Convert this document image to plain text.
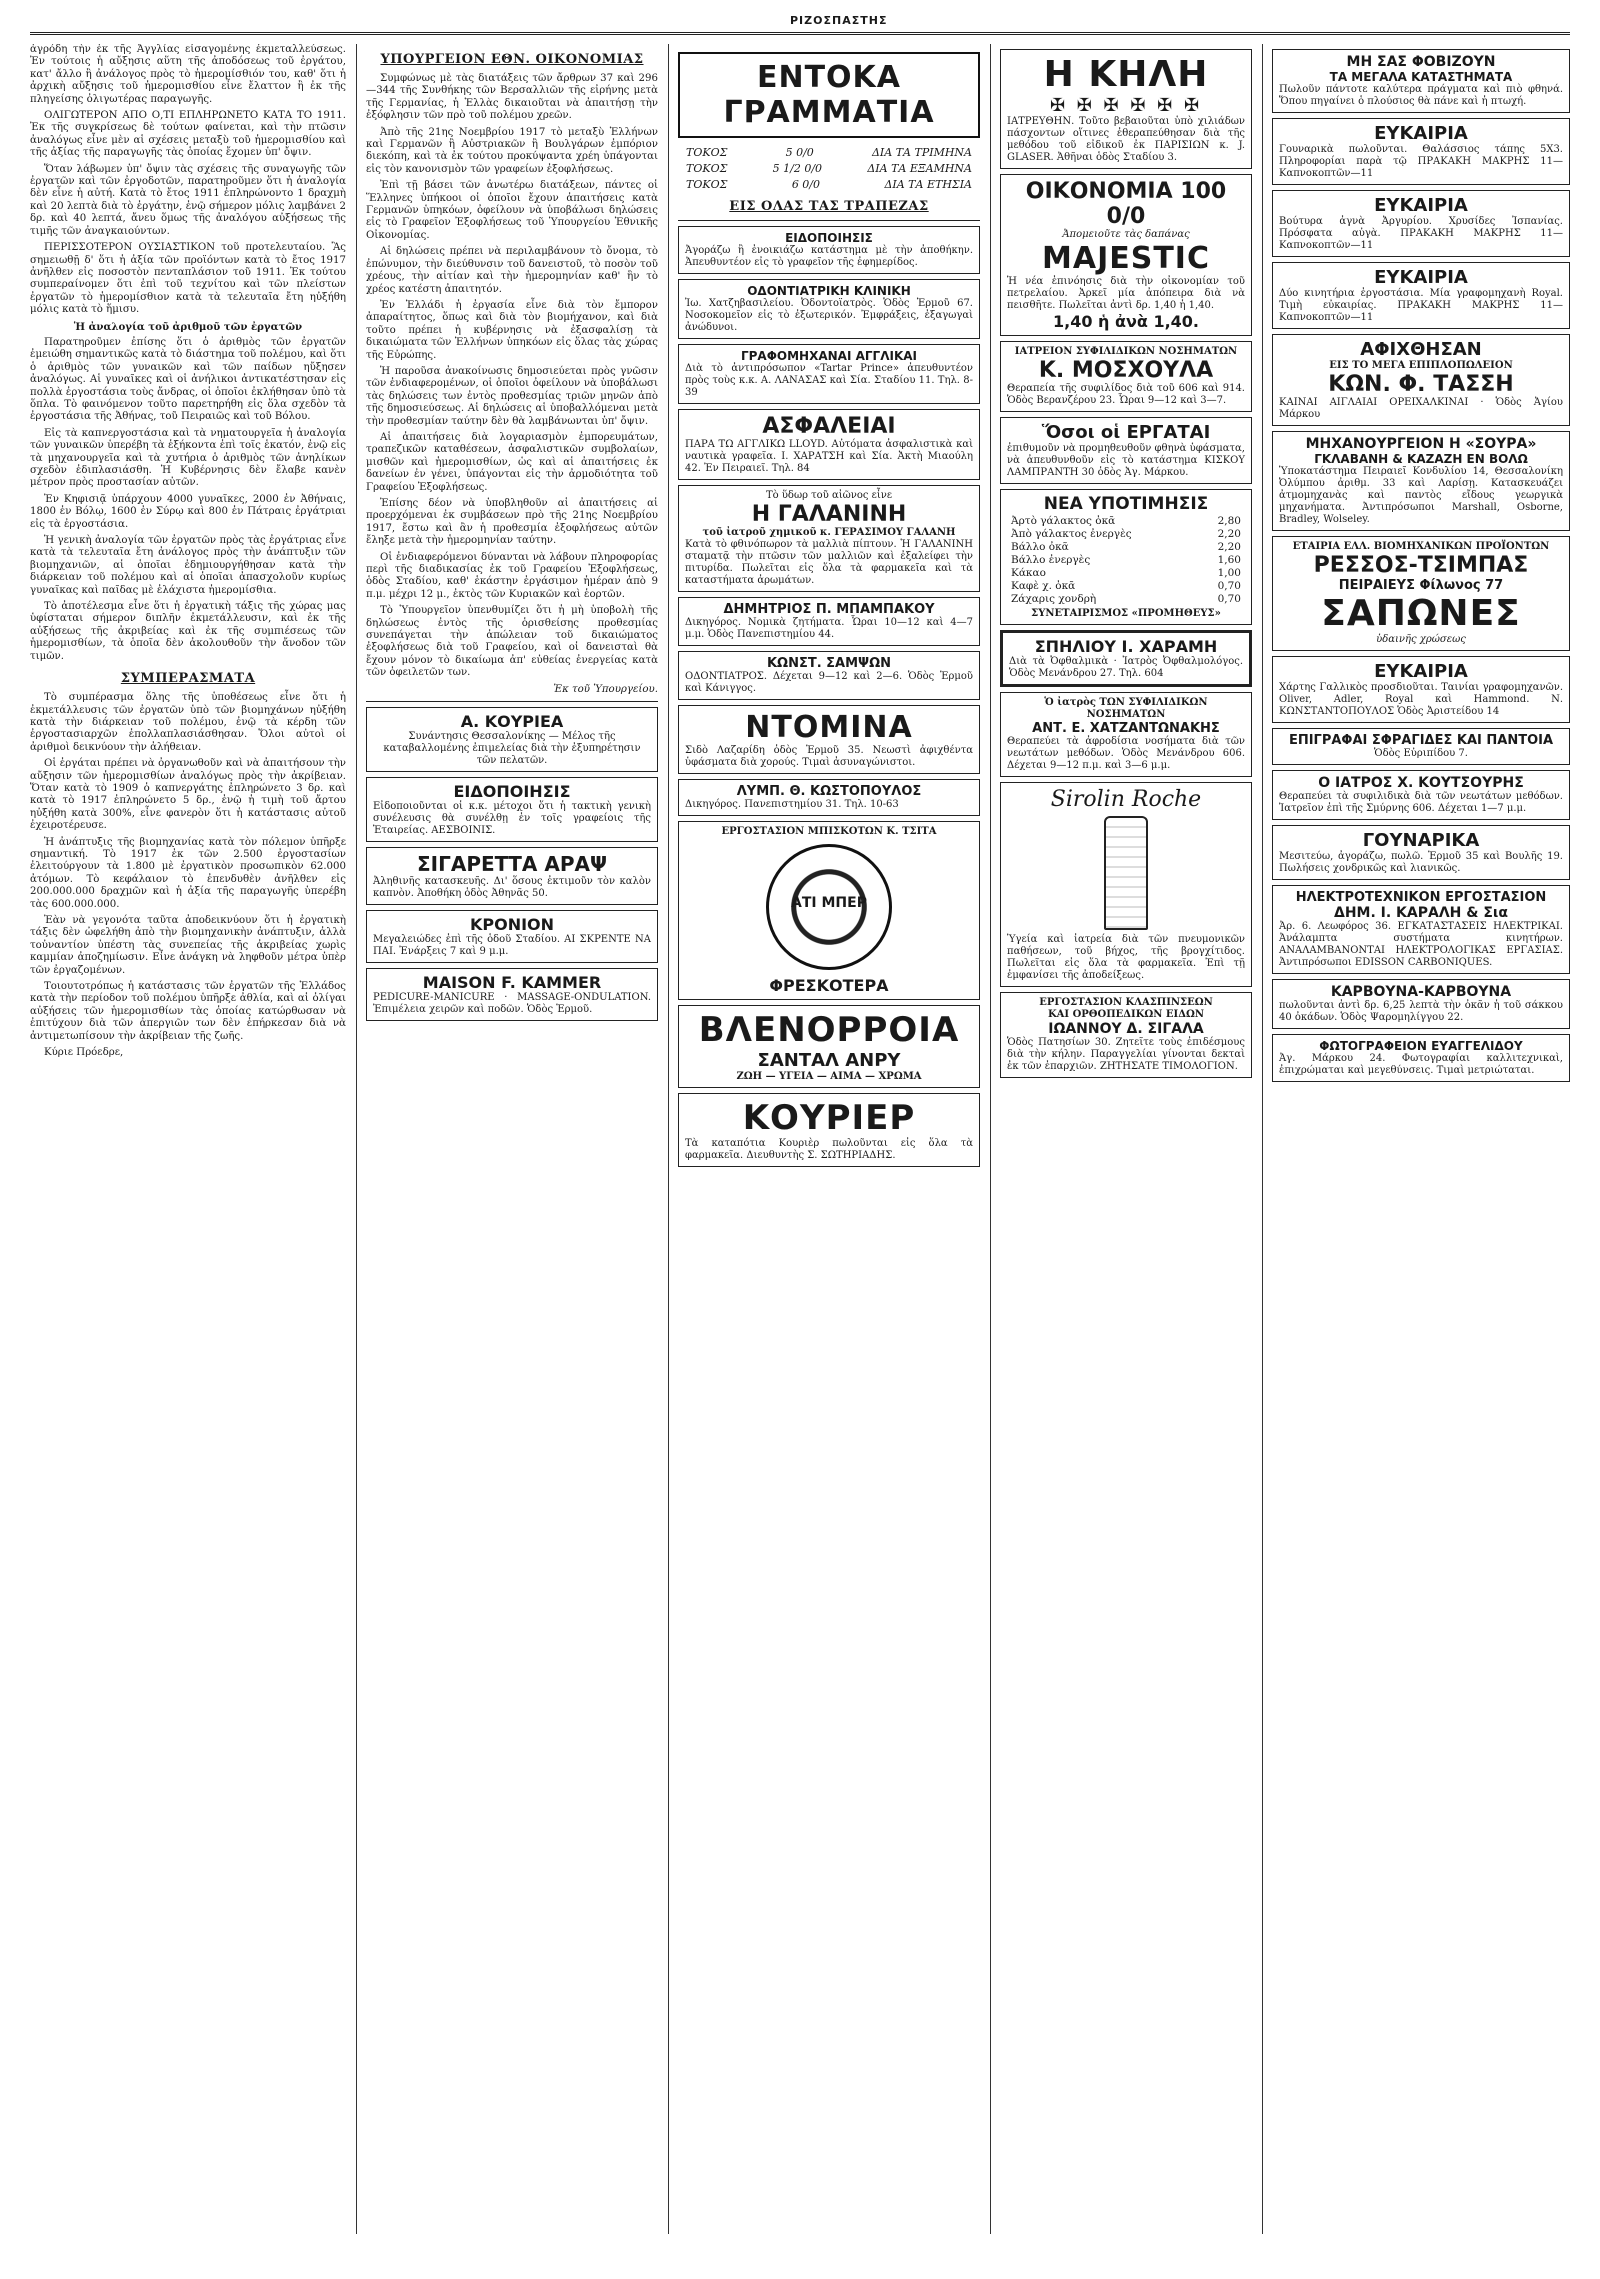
ΡΙΖΟΣΠΑΣΤΗΣ

ἀγρόδη τὴν ἐκ τῆς Ἀγγλίας εἰσαγομένης ἐκμεταλλεύσεως. Ἐν τούτοις ἡ αὔξησις αὕτη τῆς ἀποδόσεως τοῦ ἐργάτου, κατ' ἄλλο ἢ ἀνάλογος πρὸς τὸ ἡμερομίσθιόν του, καθ' ὅτι ἡ ἀρχικὴ αὔξησις τοῦ ἡμερομισθίου εἶνε ἔλαττον ἢ ἐκ τῆς πληγείσης ὀλιγωτέρας παραγωγῆς.

ΟΛΙΓΩΤΕΡΟΝ ΑΠΟ Ο,ΤΙ ΕΠΛΗΡΩΝΕΤΟ ΚΑΤΑ ΤΟ 1911. Ἐκ τῆς συγκρίσεως δὲ τούτων φαίνεται, καὶ τὴν πτῶσιν ἀναλόγως εἶνε μὲν αἱ σχέσεις μεταξὺ τοῦ ἡμερομισθίου καὶ τῆς ἀξίας τῆς παραγωγῆς τὰς ὁποίας ἔχομεν ὑπ' ὄψιν.

Ὅταν λάβωμεν ὑπ' ὄψιν τὰς σχέσεις τῆς συναγωγῆς τῶν ἐργατῶν καὶ τῶν ἐργοδοτῶν, παρατηροῦμεν ὅτι ἡ ἀναλογία δὲν εἶνε ἡ αὐτή. Κατὰ τὸ ἔτος 1911 ἐπληρώνοντο 1 δραχμὴ καὶ 20 λεπτὰ διὰ τὸ ἐργάτην, ἐνῷ σήμερον μόλις λαμβάνει 2 δρ. καὶ 40 λεπτά, ἄνευ ὅμως τῆς ἀναλόγου αὐξήσεως τῆς τιμῆς τῶν ἀναγκαιούντων.

ΠΕΡΙΣΣΟΤΕΡΟΝ ΟΥΣΙΑΣΤΙΚΟΝ τοῦ προτελευταίου. Ἂς σημειωθῇ δ' ὅτι ἡ ἀξία τῶν προϊόντων κατὰ τὸ ἔτος 1917 ἀνῆλθεν εἰς ποσοστὸν πενταπλάσιον τοῦ 1911. Ἐκ τούτου συμπεραίνομεν ὅτι ἐπὶ τοῦ τεχνίτου καὶ τῶν πλείστων ἐργατῶν τὸ ἡμερομίσθιον κατὰ τὰ τελευταῖα ἔτη ηὐξήθη μόλις κατὰ τὸ ἥμισυ.

Ἡ ἀναλογία τοῦ ἀριθμοῦ τῶν ἐργατῶν

Παρατηροῦμεν ἐπίσης ὅτι ὁ ἀριθμὸς τῶν ἐργατῶν ἐμειώθη σημαντικῶς κατὰ τὸ διάστημα τοῦ πολέμου, καὶ ὅτι ὁ ἀριθμὸς τῶν γυναικῶν καὶ τῶν παίδων ηὔξησεν ἀναλόγως. Αἱ γυναῖκες καὶ οἱ ἀνήλικοι ἀντικατέστησαν εἰς πολλὰ ἐργοστάσια τοὺς ἄνδρας, οἱ ὁποῖοι ἐκλήθησαν ὑπὸ τὰ ὅπλα. Τὸ φαινόμενον τοῦτο παρετηρήθη εἰς ὅλα σχεδὸν τὰ ἐργοστάσια τῆς Ἀθήνας, τοῦ Πειραιῶς καὶ τοῦ Βόλου.

Εἰς τὰ καπνεργοστάσια καὶ τὰ νηματουργεῖα ἡ ἀναλογία τῶν γυναικῶν ὑπερέβη τὰ ἑξήκοντα ἐπὶ τοῖς ἑκατόν, ἐνῷ εἰς τὰ μηχανουργεῖα καὶ τὰ χυτήρια ὁ ἀριθμὸς τῶν ἀνηλίκων σχεδὸν ἐδιπλασιάσθη. Ἡ Κυβέρνησις δὲν ἔλαβε κανὲν μέτρον πρὸς προστασίαν αὐτῶν.

Ἐν Κηφισιᾷ ὑπάρχουν 4000 γυναῖκες, 2000 ἐν Ἀθήναις, 1800 ἐν Βόλῳ, 1600 ἐν Σύρῳ καὶ 800 ἐν Πάτραις ἐργάτριαι εἰς τὰ ἐργοστάσια.

Ἡ γενικὴ ἀναλογία τῶν ἐργατῶν πρὸς τὰς ἐργάτριας εἶνε κατὰ τὰ τελευταῖα ἔτη ἀνάλογος πρὸς τὴν ἀνάπτυξιν τῶν βιομηχανιῶν, αἱ ὁποῖαι ἐδημιουργήθησαν κατὰ τὴν διάρκειαν τοῦ πολέμου καὶ αἱ ὁποῖαι ἀπασχολοῦν κυρίως γυναῖκας καὶ παῖδας μὲ ἐλάχιστα ἡμερομίσθια.

Τὸ ἀποτέλεσμα εἶνε ὅτι ἡ ἐργατικὴ τάξις τῆς χώρας μας ὑφίσταται σήμερον διπλῆν ἐκμετάλλευσιν, καὶ ἐκ τῆς αὐξήσεως τῆς ἀκριβείας καὶ ἐκ τῆς συμπιέσεως τῶν ἡμερομισθίων, τὰ ὁποῖα δὲν ἀκολουθοῦν τὴν ἄνοδον τῶν τιμῶν.

ΣΥΜΠΕΡΑΣΜΑΤΑ

Τὸ συμπέρασμα ὅλης τῆς ὑποθέσεως εἶνε ὅτι ἡ ἐκμετάλλευσις τῶν ἐργατῶν ὑπὸ τῶν βιομηχάνων ηὐξήθη κατὰ τὴν διάρκειαν τοῦ πολέμου, ἐνῷ τὰ κέρδη τῶν ἐργοστασιαρχῶν ἐπολλαπλασιάσθησαν. Ὅλοι αὐτοὶ οἱ ἀριθμοὶ δεικνύουν τὴν ἀλήθειαν.

Οἱ ἐργάται πρέπει νὰ ὀργανωθοῦν καὶ νὰ ἀπαιτήσουν τὴν αὔξησιν τῶν ἡμερομισθίων ἀναλόγως πρὸς τὴν ἀκρίβειαν. Ὅταν κατὰ τὸ 1909 ὁ καπνεργάτης ἐπληρώνετο 3 δρ. καὶ κατὰ τὸ 1917 ἐπληρώνετο 5 δρ., ἐνῷ ἡ τιμὴ τοῦ ἄρτου ηὐξήθη κατὰ 300%, εἶνε φανερὸν ὅτι ἡ κατάστασις αὐτοῦ ἐχειροτέρευσε.

Ἡ ἀνάπτυξις τῆς βιομηχανίας κατὰ τὸν πόλεμον ὑπῆρξε σημαντική. Τὸ 1917 ἐκ τῶν 2.500 ἐργοστασίων ἐλειτούργουν τὰ 1.800 μὲ ἐργατικὸν προσωπικὸν 62.000 ἀτόμων. Τὸ κεφάλαιον τὸ ἐπενδυθὲν ἀνῆλθεν εἰς 200.000.000 δραχμῶν καὶ ἡ ἀξία τῆς παραγωγῆς ὑπερέβη τὰς 600.000.000.

Ἐὰν νὰ γεγονότα ταῦτα ἀποδεικνύουν ὅτι ἡ ἐργατικὴ τάξις δὲν ὠφελήθη ἀπὸ τὴν βιομηχανικὴν ἀνάπτυξιν, ἀλλὰ τοὐναντίον ὑπέστη τὰς συνεπείας τῆς ἀκριβείας χωρὶς καμμίαν ἀποζημίωσιν. Εἶνε ἀνάγκη νὰ ληφθοῦν μέτρα ὑπὲρ τῶν ἐργαζομένων.

Τοιουτοτρόπως ἡ κατάστασις τῶν ἐργατῶν τῆς Ἑλλάδος κατὰ τὴν περίοδον τοῦ πολέμου ὑπῆρξε ἀθλία, καὶ αἱ ὀλίγαι αὐξήσεις τῶν ἡμερομισθίων τὰς ὁποίας κατώρθωσαν νὰ ἐπιτύχουν διὰ τῶν ἀπεργιῶν των δὲν ἐπήρκεσαν διὰ νὰ ἀντιμετωπίσουν τὴν ἀκρίβειαν τῆς ζωῆς.

Κύριε Πρόεδρε,

ΥΠΟΥΡΓΕΙΟΝ ΕΘΝ. ΟΙΚΟΝΟΜΙΑΣ

Συμφώνως μὲ τὰς διατάξεις τῶν ἄρθρων 37 καὶ 296—344 τῆς Συνθήκης τῶν Βερσαλλιῶν τῆς εἰρήνης μετὰ τῆς Γερμανίας, ἡ Ἑλλὰς δικαιοῦται νὰ ἀπαιτήσῃ τὴν ἐξόφλησιν τῶν πρὸ τοῦ πολέμου χρεῶν.

Ἀπὸ τῆς 21ης Νοεμβρίου 1917 τὸ μεταξὺ Ἑλλήνων καὶ Γερμανῶν ἢ Αὐστριακῶν ἢ Βουλγάρων ἐμπόριον διεκόπη, καὶ τὰ ἐκ τούτου προκύψαντα χρέη ὑπάγονται εἰς τὸν κανονισμὸν τῶν γραφείων ἐξοφλήσεως.

Ἐπὶ τῇ βάσει τῶν ἀνωτέρω διατάξεων, πάντες οἱ Ἕλληνες ὑπήκοοι οἱ ὁποῖοι ἔχουν ἀπαιτήσεις κατὰ Γερμανῶν ὑπηκόων, ὀφείλουν νὰ ὑποβάλωσι δηλώσεις εἰς τὸ Γραφεῖον Ἐξοφλήσεως τοῦ Ὑπουργείου Ἐθνικῆς Οἰκονομίας.

Αἱ δηλώσεις πρέπει νὰ περιλαμβάνουν τὸ ὄνομα, τὸ ἐπώνυμον, τὴν διεύθυνσιν τοῦ δανειστοῦ, τὸ ποσὸν τοῦ χρέους, τὴν αἰτίαν καὶ τὴν ἡμερομηνίαν καθ' ἣν τὸ χρέος κατέστη ἀπαιτητόν.

Ἐν Ἑλλάδι ἡ ἐργασία εἶνε διὰ τὸν ἔμπορον ἀπαραίτητος, ὅπως καὶ διὰ τὸν βιομήχανον, καὶ διὰ τοῦτο πρέπει ἡ κυβέρνησις νὰ ἐξασφαλίσῃ τὰ δικαιώματα τῶν Ἑλλήνων ὑπηκόων εἰς ὅλας τὰς χώρας τῆς Εὐρώπης.

Ἡ παροῦσα ἀνακοίνωσις δημοσιεύεται πρὸς γνῶσιν τῶν ἐνδιαφερομένων, οἱ ὁποῖοι ὀφείλουν νὰ ὑποβάλωσι τὰς δηλώσεις των ἐντὸς προθεσμίας τριῶν μηνῶν ἀπὸ τῆς δημοσιεύσεως. Αἱ δηλώσεις αἱ ὑποβαλλόμεναι μετὰ τὴν προθεσμίαν ταύτην δὲν θὰ λαμβάνωνται ὑπ' ὄψιν.

Αἱ ἀπαιτήσεις διὰ λογαριασμὸν ἐμπορευμάτων, τραπεζικῶν καταθέσεων, ἀσφαλιστικῶν συμβολαίων, μισθῶν καὶ ἡμερομισθίων, ὡς καὶ αἱ ἀπαιτήσεις ἐκ δανείων ἐν γένει, ὑπάγονται εἰς τὴν ἀρμοδιότητα τοῦ Γραφείου Ἐξοφλήσεως.

Ἐπίσης δέον νὰ ὑποβληθοῦν αἱ ἀπαιτήσεις αἱ προερχόμεναι ἐκ συμβάσεων πρὸ τῆς 21ης Νοεμβρίου 1917, ἔστω καὶ ἂν ἡ προθεσμία ἐξοφλήσεως αὐτῶν ἔληξε μετὰ τὴν ἡμερομηνίαν ταύτην.

Οἱ ἐνδιαφερόμενοι δύνανται νὰ λάβουν πληροφορίας περὶ τῆς διαδικασίας ἐκ τοῦ Γραφείου Ἐξοφλήσεως, ὁδὸς Σταδίου, καθ' ἑκάστην ἐργάσιμον ἡμέραν ἀπὸ 9 π.μ. μέχρι 12 μ., ἐκτὸς τῶν Κυριακῶν καὶ ἑορτῶν.

Τὸ Ὑπουργεῖον ὑπενθυμίζει ὅτι ἡ μὴ ὑποβολὴ τῆς δηλώσεως ἐντὸς τῆς ὁρισθείσης προθεσμίας συνεπάγεται τὴν ἀπώλειαν τοῦ δικαιώματος ἐξοφλήσεως διὰ τοῦ Γραφείου, καὶ οἱ δανεισταὶ θὰ ἔχουν μόνον τὸ δικαίωμα ἀπ' εὐθείας ἐνεργείας κατὰ τῶν ὀφειλετῶν των.

Ἐκ τοῦ Ὑπουργείου.

Α. ΚΟΥΡΙΕΑ
Συνάντησις Θεσσαλονίκης — Μέλος τῆς καταβαλλομένης ἐπιμελείας διὰ τὴν ἐξυπηρέτησιν τῶν πελατῶν.
ΕΙΔΟΠΟΙΗΣΙΣ
Εἰδοποιοῦνται οἱ κ.κ. μέτοχοι ὅτι ἡ τακτικὴ γενικὴ συνέλευσις θὰ συνέλθῃ ἐν τοῖς γραφείοις τῆς Ἑταιρείας. ΑΕΣΒΟΙΝΙΣ.
ΣΙΓΑΡΕΤΤΑ ΑΡΑΨ
Ἀληθινῆς κατασκευῆς. Δι' ὅσους ἐκτιμοῦν τὸν καλὸν καπνὸν. Ἀποθήκη ὁδὸς Ἀθηνᾶς 50.
ΚΡΟΝΙΟΝ
Μεγαλειώδες ἐπὶ τῆς ὁδοῦ Σταδίου. ΑΙ ΣΚΡΕΝΤΕ ΝΑ ΠΑΙ. Ἐνάρξεις 7 καὶ 9 μ.μ.
MAISON F. KAMMER
PEDICURE-MANICURE · MASSAGE-ONDULATION. Ἐπιμέλεια χειρῶν καὶ ποδῶν. Ὁδὸς Ἑρμοῦ.
ΕΝΤΟΚΑ ΓΡΑΜΜΑΤΙΑ
ΤΟΚΟΣ	5 0/0	ΔΙΑ ΤΑ ΤΡΙΜΗΝΑ
ΤΟΚΟΣ	5 1/2 0/0	ΔΙΑ ΤΑ ΕΞΑΜΗΝΑ
ΤΟΚΟΣ	6 0/0	ΔΙΑ ΤΑ ΕΤΗΣΙΑ
ΕΙΣ ΟΛΑΣ ΤΑΣ ΤΡΑΠΕΖΑΣ
ΕΙΔΟΠΟΙΗΣΙΣ
Ἀγοράζω ἢ ἐνοικιάζω κατάστημα μὲ τὴν ἀποθήκην. Ἀπευθυντέον εἰς τὸ γραφεῖον τῆς ἐφημερίδος.
ΟΔΟΝΤΙΑΤΡΙΚΗ ΚΛΙΝΙΚΗ
Ἰω. Χατζηβασιλείου. Ὀδοντοϊατρὸς. Ὁδὸς Ἑρμοῦ 67. Νοσοκομεῖον εἰς τὸ ἐξωτερικόν. Ἐμφράξεις, ἐξαγωγαὶ ἀνώδυνοι.
ΓΡΑΦΟΜΗΧΑΝΑΙ ΑΓΓΛΙΚΑΙ
Διὰ τὸ ἀντιπρόσωπον «Tartar Prince» ἀπευθυντέον πρὸς τοὺς κ.κ. Α. ΛΑΝΑΣΑΣ καὶ Σία. Σταδίου 11. Τηλ. 8-39
ΑΣΦΑΛΕΙΑΙ
ΠΑΡΑ ΤΩ ΑΓΓΛΙΚΩ LLOYD. Αὐτόματα ἀσφαλιστικὰ καὶ ναυτικὰ γραφεῖα. Ι. ΧΑΡΑΤΣΗ καὶ Σία. Ἀκτὴ Μιαούλη 42. Ἐν Πειραιεῖ. Τηλ. 84
Τὸ ὕδωρ τοῦ αἰῶνος εἶνε
Η ΓΑΛΑΝΙΝΗ
τοῦ ἰατροῦ χημικοῦ κ. ΓΕΡΑΣΙΜΟΥ ΓΑΛΑΝΗ
Κατὰ τὸ φθινόπωρον τὰ μαλλιὰ πίπτουν. Ἡ ΓΑΛΑΝΙΝΗ σταματᾷ τὴν πτῶσιν τῶν μαλλιῶν καὶ ἐξαλείφει τὴν πιτυρίδα. Πωλεῖται εἰς ὅλα τὰ φαρμακεῖα καὶ τὰ καταστήματα ἀρωμάτων.
ΔΗΜΗΤΡΙΟΣ Π. ΜΠΑΜΠΑΚΟΥ
Δικηγόρος. Νομικὰ ζητήματα. Ὧραι 10—12 καὶ 4—7 μ.μ. Ὁδὸς Πανεπιστημίου 44.
ΚΩΝΣΤ. ΣΑΜΨΩΝ
ΟΔΟΝΤΙΑΤΡΟΣ. Δέχεται 9—12 καὶ 2—6. Ὁδὸς Ἑρμοῦ καὶ Κάνιγγος.
ΝΤΟΜΙΝΑ
Σιδὸ Λαζαρίδη ὁδὸς Ἑρμοῦ 35. Νεωστὶ ἀφιχθέντα ὑφάσματα διὰ χορούς. Τιμαὶ ἀσυναγώνιστοι.
ΛΥΜΠ. Θ. ΚΩΣΤΟΠΟΥΛΟΣ
Δικηγόρος. Πανεπιστημίου 31. Τηλ. 10-63
ΕΡΓΟΣΤΑΣΙΟΝ ΜΠΙΣΚΟΤΩΝ Κ. ΤΣΙΤΑ
ΑΤΙ ΜΠΕΡ
ΦΡΕΣΚΟΤΕΡΑ
ΒΛΕΝΟΡΡΟΙΑ
ΣΑΝΤΑΛ ΑΝΡΥ
ΖΩΗ — ΥΓΕΙΑ — ΑΙΜΑ — ΧΡΩΜΑ
ΚΟΥΡΙΕΡ
Τὰ καταπότια Κουριὲρ πωλοῦνται εἰς ὅλα τὰ φαρμακεῖα. Διευθυντὴς Σ. ΣΩΤΗΡΙΑΔΗΣ.
Η ΚΗΛΗ
✠ ✠ ✠ ✠ ✠ ✠
ΙΑΤΡΕΥΘΗΝ. Τοῦτο βεβαιοῦται ὑπὸ χιλιάδων πάσχοντων οἵτινες ἐθεραπεύθησαν διὰ τῆς μεθόδου τοῦ εἰδικοῦ ἐκ ΠΑΡΙΣΙΩΝ κ. J. GLASER. Ἀθῆναι ὁδὸς Σταδίου 3.
ΟΙΚΟΝΟΜΙΑ 100 0/0
Ἀπομειοῦτε τὰς δαπάνας
MAJESTIC
Ἡ νέα ἐπινόησις διὰ τὴν οἰκονομίαν τοῦ πετρελαίου. Ἀρκεῖ μία ἀπόπειρα διὰ νὰ πεισθῆτε. Πωλεῖται ἀντὶ δρ. 1,40 ἡ 1,40.
1,40 ἡ ἀνὰ 1,40.
ΙΑΤΡΕΙΟΝ ΣΥΦΙΛΙΔΙΚΩΝ ΝΟΣΗΜΑΤΩΝ
Κ. ΜΟΣΧΟΥΛΑ
Θεραπεία τῆς συφιλίδος διὰ τοῦ 606 καὶ 914. Ὁδὸς Βερανζέρου 23. Ὧραι 9—12 καὶ 3—7.
Ὅσοι οἱ ΕΡΓΑΤΑΙ
ἐπιθυμοῦν νὰ προμηθευθοῦν φθηνὰ ὑφάσματα, νὰ ἀπευθυνθοῦν εἰς τὸ κατάστημα ΚΙΣΚΟΥ ΛΑΜΠΡΑΝΤΗ 30 ὁδὸς Ἀγ. Μάρκου.
ΝΕΑ ΥΠΟΤΙΜΗΣΙΣ
Ἀρτὸ γάλακτος ὀκᾶ	2,80
Ἀπὸ γάλακτος ἐνεργὲς	2,20
Βάλλο ὀκᾶ	2,20
Βάλλο ἐνεργὲς	1,60
Κάκαο	1,00
Καφὲ χ. ὀκᾶ	0,70
Ζάχαρις χονδρὴ	0,70
ΣΥΝΕΤΑΙΡΙΣΜΟΣ «ΠΡΟΜΗΘΕΥΣ»
ΣΠΗΛΙΟΥ Ι. ΧΑΡΑΜΗ
Διὰ τὰ Ὀφθαλμικὰ · Ἰατρὸς Ὀφθαλμολόγος. Ὁδὸς Μενάνδρου 27. Τηλ. 604
Ὁ ἰατρὸς ΤΩΝ ΣΥΦΙΛΙΔΙΚΩΝ ΝΟΣΗΜΑΤΩΝ
ΑΝΤ. Ε. ΧΑΤΖΑΝΤΩΝΑΚΗΣ
Θεραπεύει τὰ ἀφροδίσια νοσήματα διὰ τῶν νεωτάτων μεθόδων. Ὁδὸς Μενάνδρου 606. Δέχεται 9—12 π.μ. καὶ 3—6 μ.μ.
Sirolin Roche
Ὑγεία καὶ ἰατρεία διὰ τῶν πνευμονικῶν παθήσεων, τοῦ βήχος, τῆς βρογχίτιδος. Πωλεῖται εἰς ὅλα τὰ φαρμακεῖα. Ἐπὶ τῇ ἐμφανίσει τῆς ἀποδείξεως.
ΕΡΓΟΣΤΑΣΙΟΝ ΚΛΑΣΠΙΝΣΕΩΝ
ΚΑΙ ΟΡΘΟΠΕΔΙΚΩΝ ΕΙΔΩΝ
ΙΩΑΝΝΟΥ Δ. ΣΙΓΑΛΑ
Ὁδὸς Πατησίων 30. Ζητεῖτε τοὺς ἐπιδέσμους διὰ τὴν κήλην. Παραγγελίαι γίνονται δεκταὶ ἐκ τῶν ἐπαρχιῶν. ΖΗΤΗΣΑΤΕ ΤΙΜΟΛΟΓΙΟΝ.
ΜΗ ΣΑΣ ΦΟΒΙΖΟΥΝ
ΤΑ ΜΕΓΑΛΑ ΚΑΤΑΣΤΗΜΑΤΑ
Πωλοῦν πάντοτε καλύτερα πράγματα καὶ πιὸ φθηνά. Ὅπου πηγαίνει ὁ πλούσιος θὰ πάνε καὶ ἡ πτωχή.
ΕΥΚΑΙΡΙΑ
Γουναρικὰ πωλοῦνται. Θαλάσσιος τάπης 5Χ3. Πληροφορίαι παρὰ τῷ ΠΡΑΚΑΚΗ ΜΑΚΡΗΣ 11—Καπνοκοπτῶν—11
ΕΥΚΑΙΡΙΑ
Βούτυρα ἀγνὰ Ἀργυρίου. Χρυσίδες Ἰσπανίας. Πρόσφατα αὐγὰ. ΠΡΑΚΑΚΗ ΜΑΚΡΗΣ 11—Καπνοκοπτῶν—11
ΕΥΚΑΙΡΙΑ
Δύο κινητήρια ἐργοστάσια. Μία γραφομηχανὴ Royal. Τιμὴ εὐκαιρίας. ΠΡΑΚΑΚΗ ΜΑΚΡΗΣ 11—Καπνοκοπτῶν—11
ΑΦΙΧΘΗΣΑΝ
ΕΙΣ ΤΟ ΜΕΓΑ ΕΠΙΠΛΟΠΩΛΕΙΟΝ
ΚΩΝ. Φ. ΤΑΣΣΗ
ΚΑΙΝΑΙ ΑΙΓΛΑΙΑΙ ΟΡΕΙΧΑΛΚΙΝΑΙ · Ὁδὸς Ἀγίου Μάρκου
ΜΗΧΑΝΟΥΡΓΕΙΟΝ Η «ΣΟΥΡΑ»
ΓΚΛΑΒΑΝΗ & ΚΑΖΑΖΗ ΕΝ ΒΟΛΩ
Ὑποκατάστημα Πειραιεῖ Κονδυλίου 14, Θεσσαλονίκη Ὀλύμπου ἀριθμ. 33 καὶ Λαρίσῃ. Κατασκευάζει ἀτμομηχανὰς καὶ παντὸς εἴδους γεωργικὰ μηχανήματα. Ἀντιπρόσωποι Marshall, Osborne, Bradley, Wolseley.
ΕΤΑΙΡΙΑ ΕΛΛ. ΒΙΟΜΗΧΑΝΙΚΩΝ ΠΡΟΪΟΝΤΩΝ
ΡΕΣΣΟΣ-ΤΣΙΜΠΑΣ
ΠΕΙΡΑΙΕΥΣ Φίλωνος 77
ΣΑΠΩΝΕΣ
ὑδαινῆς χρώσεως
ΕΥΚΑΙΡΙΑ
Χάρτης Γαλλικὸς προσδιοῦται. Ταινίαι γραφομηχανῶν. Οliver, Adler, Royal καὶ Hammond. Ν. ΚΩΝΣΤΑΝΤΟΠΟΥΛΟΣ Ὁδὸς Ἀριστείδου 14
ΕΠΙΓΡΑΦΑΙ ΣΦΡΑΓΙΔΕΣ ΚΑΙ ΠΑΝΤΟΙΑ
Ὁδὸς Εὐριπίδου 7.
Ο ΙΑΤΡΟΣ Χ. ΚΟΥΤΣΟΥΡΗΣ
Θεραπεύει τὰ συφιλιδικὰ διὰ τῶν νεωτάτων μεθόδων. Ἰατρεῖον ἐπὶ τῆς Σμύρνης 606. Δέχεται 1—7 μ.μ.
ΓΟΥΝΑΡΙΚΑ
Μεσιτεύω, ἀγοράζω, πωλῶ. Ἑρμοῦ 35 καὶ Βουλῆς 19. Πωλήσεις χονδρικῶς καὶ λιανικῶς.
ΗΛΕΚΤΡΟΤΕΧΝΙΚΟΝ ΕΡΓΟΣΤΑΣΙΟΝ
ΔΗΜ. Ι. ΚΑΡΑΛΗ & Σια
Ἀρ. 6. Λεωφόρος 36. ΕΓΚΑΤΑΣΤΑΣΕΙΣ ΗΛΕΚΤΡΙΚΑΙ. Ἀνάλαμπτα συστήματα κινητήρων. ΑΝΑΛΑΜΒΑΝΟΝΤΑΙ ΗΛΕΚΤΡΟΛΟΓΙΚΑΣ ΕΡΓΑΣΙΑΣ. Ἀντιπρόσωποι EDISSON CARBONIQUES.
ΚΑΡΒΟΥΝΑ-ΚΑΡΒΟΥΝΑ
πωλοῦνται ἀντὶ δρ. 6,25 λεπτὰ τὴν ὀκᾶν ἡ τοῦ σάκκου 40 ὀκάδων. Ὁδὸς Ψαρομηλίγγου 22.
ΦΩΤΟΓΡΑΦΕΙΟΝ ΕΥΑΓΓΕΛΙΔΟΥ
Ἀγ. Μάρκου 24. Φωτογραφίαι καλλιτεχνικαὶ, ἐπιχρώμαται καὶ μεγεθύνσεις. Τιμαὶ μετριώταται.
